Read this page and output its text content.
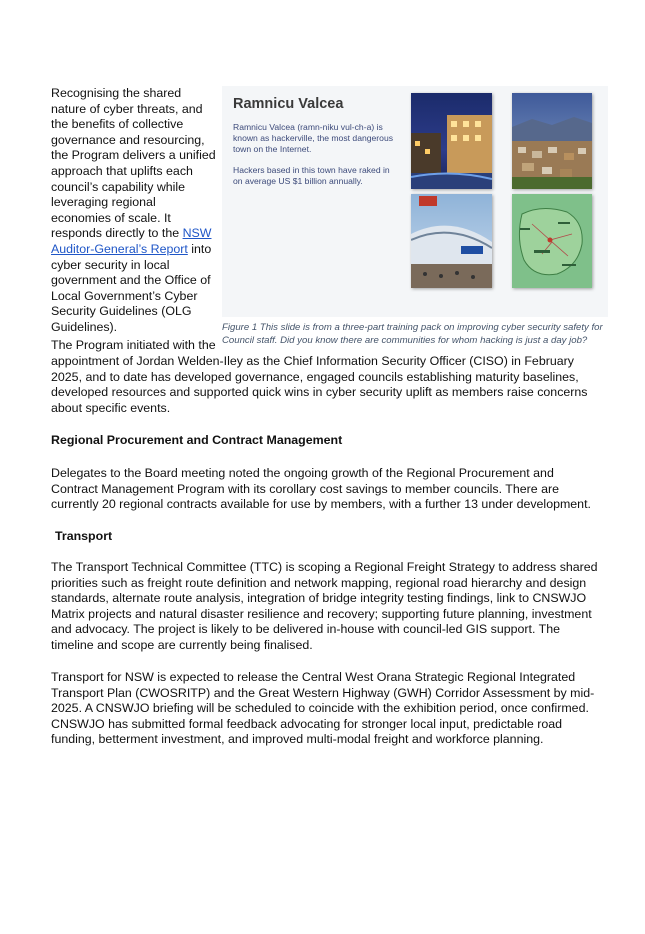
Recognising the shared nature of cyber threats, and the benefits of collective governance and resourcing, the Program delivers a unified approach that uplifts each council’s capability while leveraging regional economies of scale. It responds directly to the NSW Auditor-General’s Report into cyber security in local government and the Office of Local Government’s Cyber Security Guidelines (OLG Guidelines).

Ramnicu Valcea
Ramnicu Valcea (ramn-niku vul-ch-a) is known as hackerville, the most dangerous town on the Internet.
Hackers based in this town have raked in on average US $1 billion annually.

Figure 1 This slide is from a three-part training pack on improving cyber security safety for Council staff. Did you know there are communities for whom hacking is just a day job?

The Program initiated with the

appointment of Jordan Welden-Iley as the Chief Information Security Officer (CISO) in February 2025, and to date has developed governance, engaged councils establishing maturity baselines, developed resources and supported quick wins in cyber security uplift as members raise concerns about specific events.

Regional Procurement and Contract Management

Delegates to the Board meeting noted the ongoing growth of the Regional Procurement and Contract Management Program with its corollary cost savings to member councils. There are currently 20 regional contracts available for use by members, with a further 13 under development.

Transport

The Transport Technical Committee (TTC) is scoping a Regional Freight Strategy to address shared priorities such as freight route definition and network mapping, regional road hierarchy and design standards, alternate route analysis, integration of bridge integrity testing findings, link to CNSWJO Matrix projects and natural disaster resilience and recovery; supporting future planning, investment and advocacy. The project is likely to be delivered in-house with council-led GIS support. The timeline and scope are currently being finalised.

Transport for NSW is expected to release the Central West Orana Strategic Regional Integrated Transport Plan (CWOSRITP) and the Great Western Highway (GWH) Corridor Assessment by mid-2025. A CNSWJO briefing will be scheduled to coincide with the exhibition period, once confirmed. CNSWJO has submitted formal feedback advocating for stronger local input, predictable road funding, betterment investment, and improved multi-modal freight and workforce planning.
